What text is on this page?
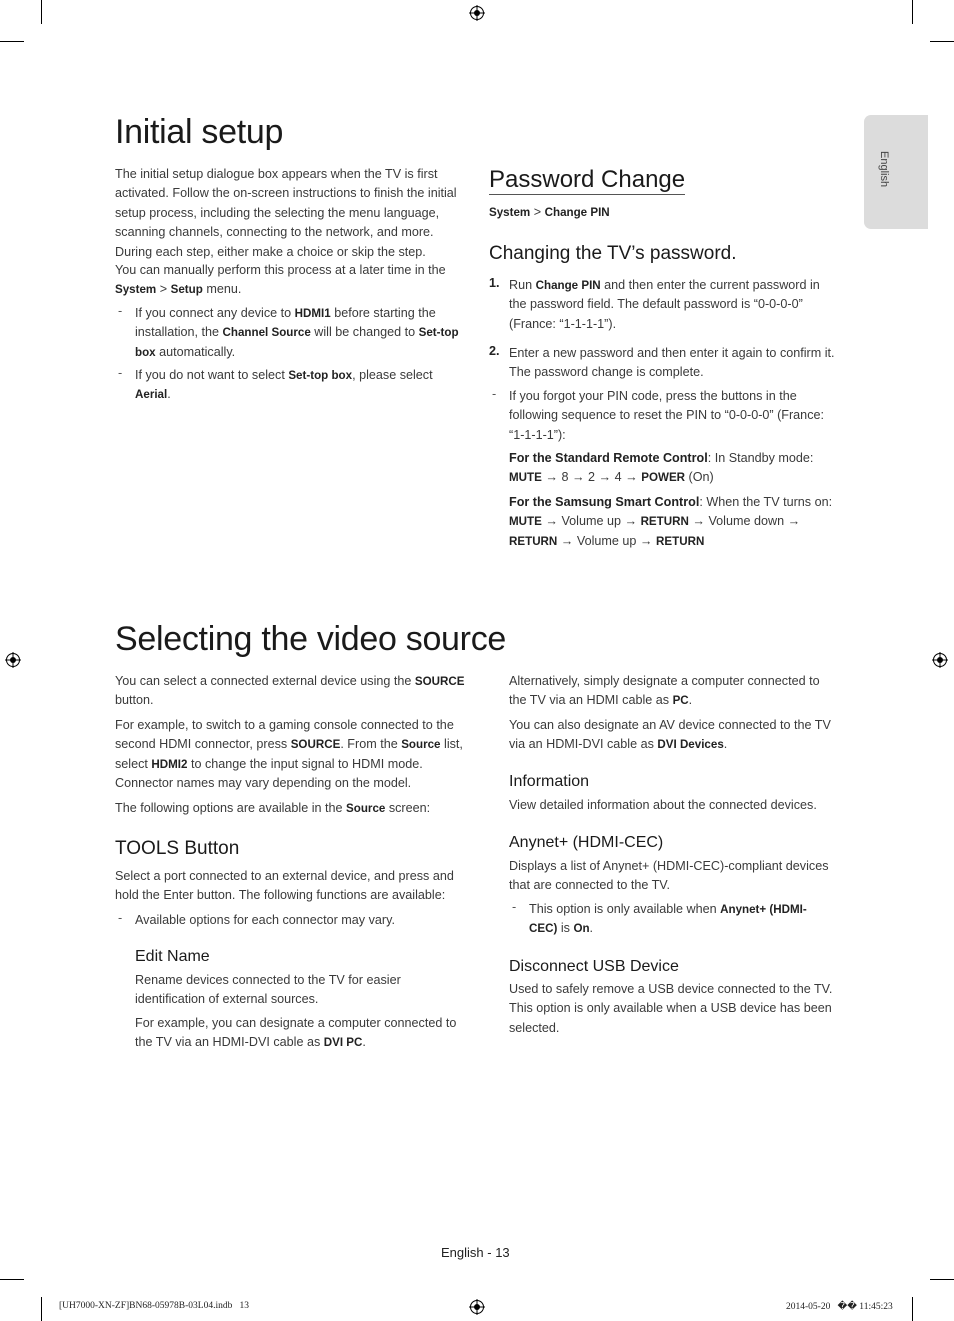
English
Initial setup

The initial setup dialogue box appears when the TV is first activated. Follow the on-screen instructions to finish the initial setup process, including the selecting the menu language, scanning channels, connecting to the network, and more. During each step, either make a choice or skip the step.

You can manually perform this process at a later time in the System > Setup menu.

- If you connect any device to HDMI1 before starting the installation, the Channel Source will be changed to Set-top box automatically.

- If you do not want to select Set-top box, please select Aerial.

Password Change

System > Change PIN

Changing the TV’s password.
1. Run Change PIN and then enter the current password in the password field. The default password is “0-0-0-0” (France: “1-1-1-1”).

2. Enter a new password and then enter it again to confirm it. The password change is complete.

- If you forgot your PIN code, press the buttons in the following sequence to reset the PIN to “0-0-0-0” (France: “1-1-1-1”):

For the Standard Remote Control: In Standby mode:
MUTE → 8 → 2 → 4 → POWER (On)

For the Samsung Smart Control: When the TV turns on: MUTE → Volume up → RETURN → Volume down → RETURN → Volume up → RETURN

Selecting the video source

You can select a connected external device using the SOURCE button.

For example, to switch to a gaming console connected to the second HDMI connector, press SOURCE. From the Source list, select HDMI2 to change the input signal to HDMI mode. Connector names may vary depending on the model.

The following options are available in the Source screen:

TOOLS Button

Select a port connected to an external device, and press and hold the Enter button. The following functions are available:

- Available options for each connector may vary.

Edit Name

Rename devices connected to the TV for easier identification of external sources.

For example, you can designate a computer connected to the TV via an HDMI-DVI cable as DVI PC.

Alternatively, simply designate a computer connected to the TV via an HDMI cable as PC.

You can also designate an AV device connected to the TV via an HDMI-DVI cable as DVI Devices.

Information

View detailed information about the connected devices.

Anynet+ (HDMI-CEC)

Displays a list of Anynet+ (HDMI-CEC)-compliant devices that are connected to the TV.

- This option is only available when Anynet+ (HDMI-CEC) is On.

Disconnect USB Device

Used to safely remove a USB device connected to the TV. This option is only available when a USB device has been selected.

English - 13
[UH7000-XN-ZF]BN68-05978B-03L04.indb   13	2014-05-20   �� 11:45:23
